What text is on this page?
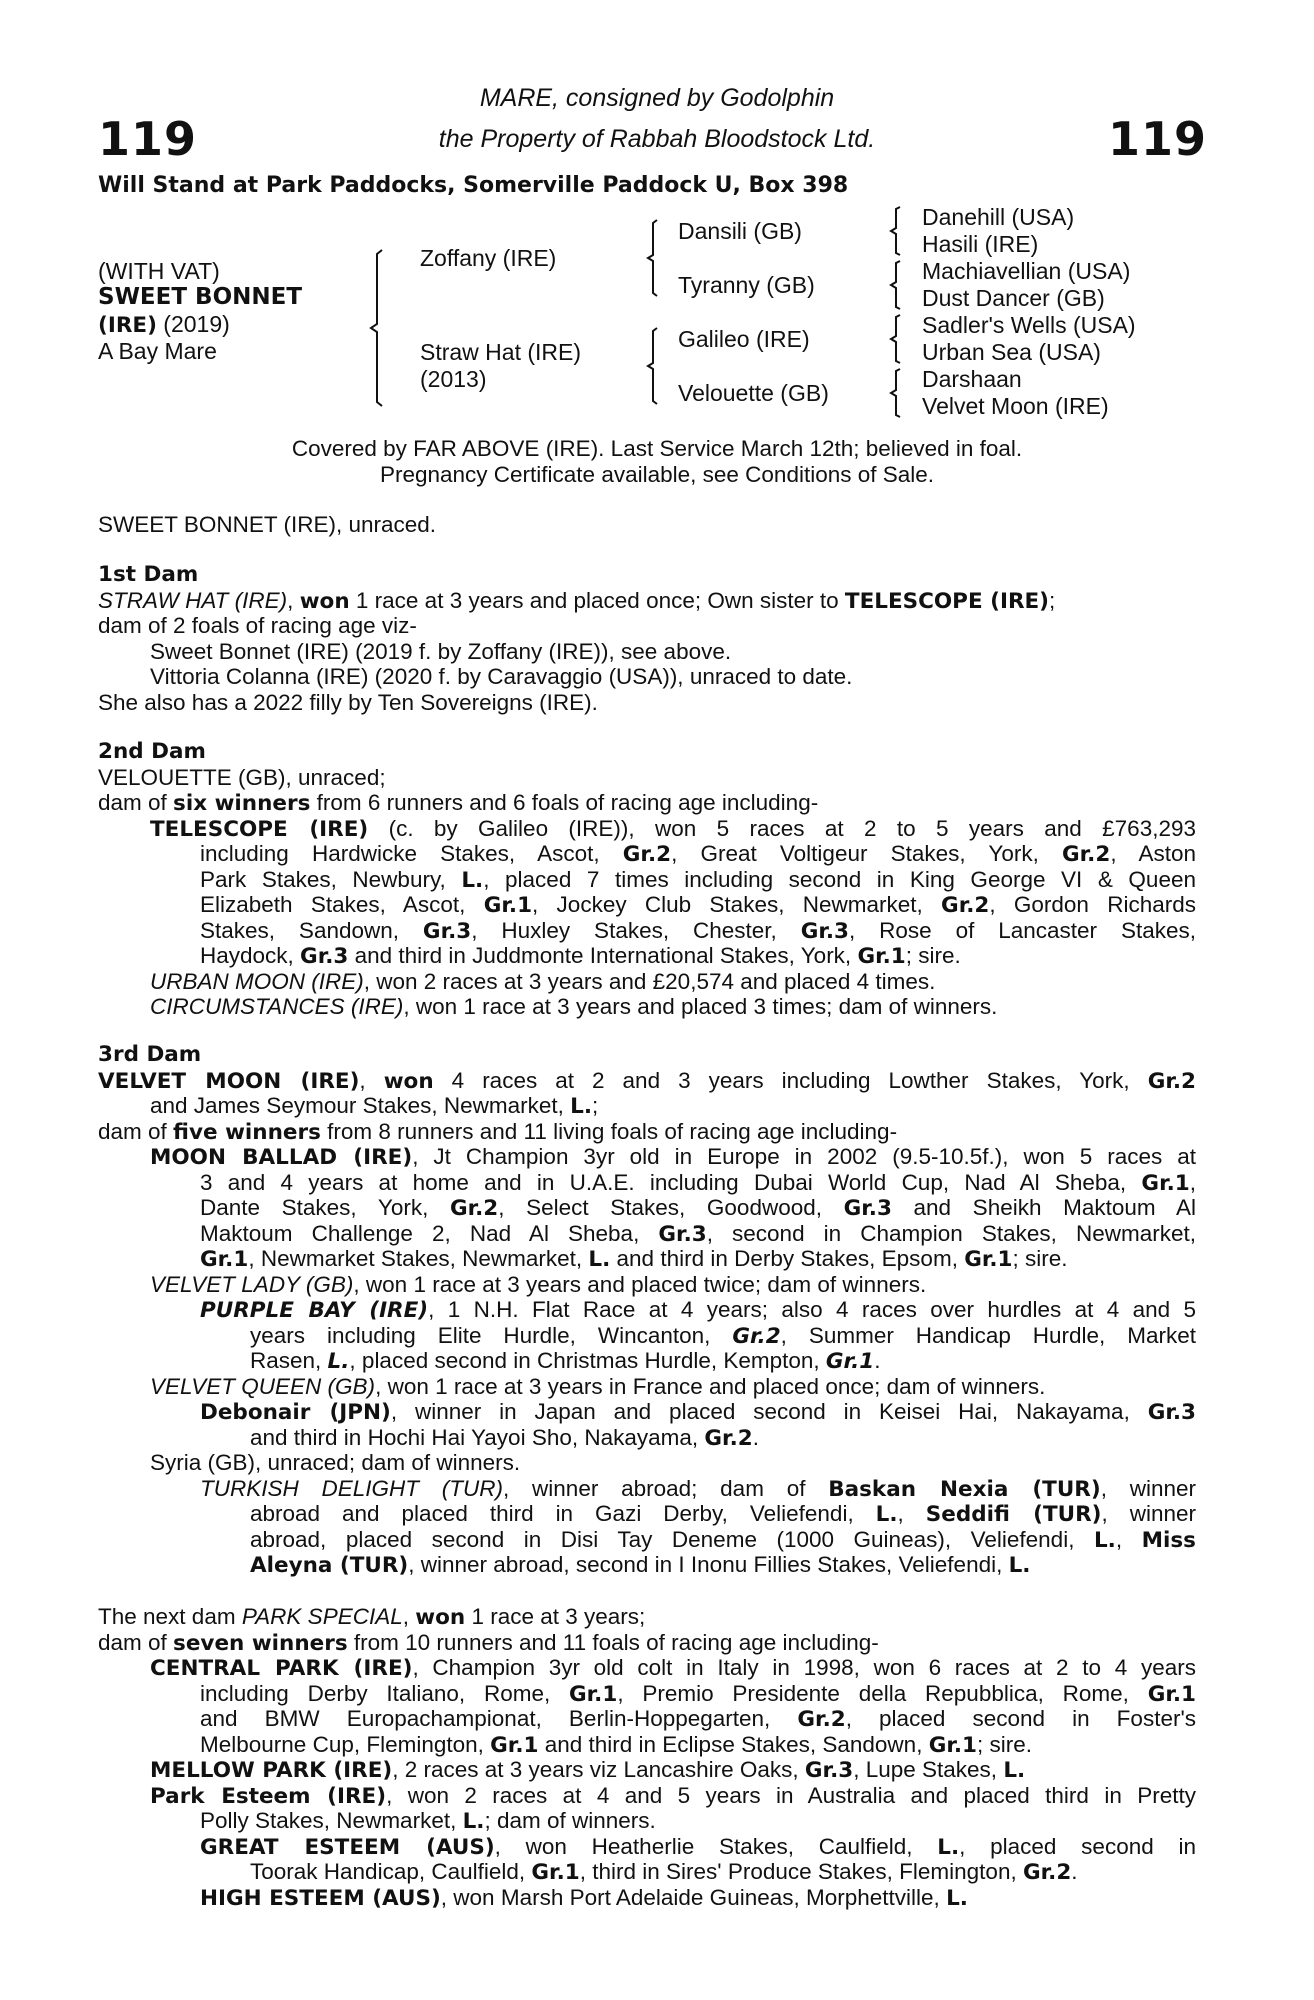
119	119
MARE, consigned by Godolphin
the Property of Rabbah Bloodstock Ltd.
Will Stand at Park Paddocks, Somerville Paddock U, Box 398
(WITH VAT)
SWEET BONNET
(IRE) (2019)
A Bay Mare
Zoffany (IRE)
Straw Hat (IRE)
(2013)
Dansili (GB)
Tyranny (GB)
Galileo (IRE)
Velouette (GB)
Danehill (USA)
Hasili (IRE)
Machiavellian (USA)
Dust Dancer (GB)
Sadler's Wells (USA)
Urban Sea (USA)
Darshaan
Velvet Moon (IRE)
Covered by FAR ABOVE (IRE). Last Service March 12th; believed in foal.
Pregnancy Certificate available, see Conditions of Sale.
SWEET BONNET (IRE), unraced.
1st Dam
STRAW HAT (IRE), won 1 race at 3 years and placed once; Own sister to TELESCOPE (IRE);
dam of 2 foals of racing age viz-
Sweet Bonnet (IRE) (2019 f. by Zoffany (IRE)), see above.
Vittoria Colanna (IRE) (2020 f. by Caravaggio (USA)), unraced to date.
She also has a 2022 filly by Ten Sovereigns (IRE).
2nd Dam
VELOUETTE (GB), unraced;
dam of six winners from 6 runners and 6 foals of racing age including-
TELESCOPE (IRE) (c. by Galileo (IRE)), won 5 races at 2 to 5 years and £763,293
including Hardwicke Stakes, Ascot, Gr.2, Great Voltigeur Stakes, York, Gr.2, Aston
Park Stakes, Newbury, L., placed 7 times including second in King George VI & Queen
Elizabeth Stakes, Ascot, Gr.1, Jockey Club Stakes, Newmarket, Gr.2, Gordon Richards
Stakes, Sandown, Gr.3, Huxley Stakes, Chester, Gr.3, Rose of Lancaster Stakes,
Haydock, Gr.3 and third in Juddmonte International Stakes, York, Gr.1; sire.
URBAN MOON (IRE), won 2 races at 3 years and £20,574 and placed 4 times.
CIRCUMSTANCES (IRE), won 1 race at 3 years and placed 3 times; dam of winners.
3rd Dam
VELVET MOON (IRE), won 4 races at 2 and 3 years including Lowther Stakes, York, Gr.2
and James Seymour Stakes, Newmarket, L.;
dam of five winners from 8 runners and 11 living foals of racing age including-
MOON BALLAD (IRE), Jt Champion 3yr old in Europe in 2002 (9.5-10.5f.), won 5 races at
3 and 4 years at home and in U.A.E. including Dubai World Cup, Nad Al Sheba, Gr.1,
Dante Stakes, York, Gr.2, Select Stakes, Goodwood, Gr.3 and Sheikh Maktoum Al
Maktoum Challenge 2, Nad Al Sheba, Gr.3, second in Champion Stakes, Newmarket,
Gr.1, Newmarket Stakes, Newmarket, L. and third in Derby Stakes, Epsom, Gr.1; sire.
VELVET LADY (GB), won 1 race at 3 years and placed twice; dam of winners.
PURPLE BAY (IRE), 1 N.H. Flat Race at 4 years; also 4 races over hurdles at 4 and 5
years including Elite Hurdle, Wincanton, Gr.2, Summer Handicap Hurdle, Market
Rasen, L., placed second in Christmas Hurdle, Kempton, Gr.1.
VELVET QUEEN (GB), won 1 race at 3 years in France and placed once; dam of winners.
Debonair (JPN), winner in Japan and placed second in Keisei Hai, Nakayama, Gr.3
and third in Hochi Hai Yayoi Sho, Nakayama, Gr.2.
Syria (GB), unraced; dam of winners.
TURKISH DELIGHT (TUR), winner abroad; dam of Baskan Nexia (TUR), winner
abroad and placed third in Gazi Derby, Veliefendi, L., Seddifi (TUR), winner
abroad, placed second in Disi Tay Deneme (1000 Guineas), Veliefendi, L., Miss
Aleyna (TUR), winner abroad, second in I Inonu Fillies Stakes, Veliefendi, L.
The next dam PARK SPECIAL, won 1 race at 3 years;
dam of seven winners from 10 runners and 11 foals of racing age including-
CENTRAL PARK (IRE), Champion 3yr old colt in Italy in 1998, won 6 races at 2 to 4 years
including Derby Italiano, Rome, Gr.1, Premio Presidente della Repubblica, Rome, Gr.1
and BMW Europachampionat, Berlin-Hoppegarten, Gr.2, placed second in Foster's
Melbourne Cup, Flemington, Gr.1 and third in Eclipse Stakes, Sandown, Gr.1; sire.
MELLOW PARK (IRE), 2 races at 3 years viz Lancashire Oaks, Gr.3, Lupe Stakes, L.
Park Esteem (IRE), won 2 races at 4 and 5 years in Australia and placed third in Pretty
Polly Stakes, Newmarket, L.; dam of winners.
GREAT ESTEEM (AUS), won Heatherlie Stakes, Caulfield, L., placed second in
Toorak Handicap, Caulfield, Gr.1, third in Sires' Produce Stakes, Flemington, Gr.2.
HIGH ESTEEM (AUS), won Marsh Port Adelaide Guineas, Morphettville, L.
